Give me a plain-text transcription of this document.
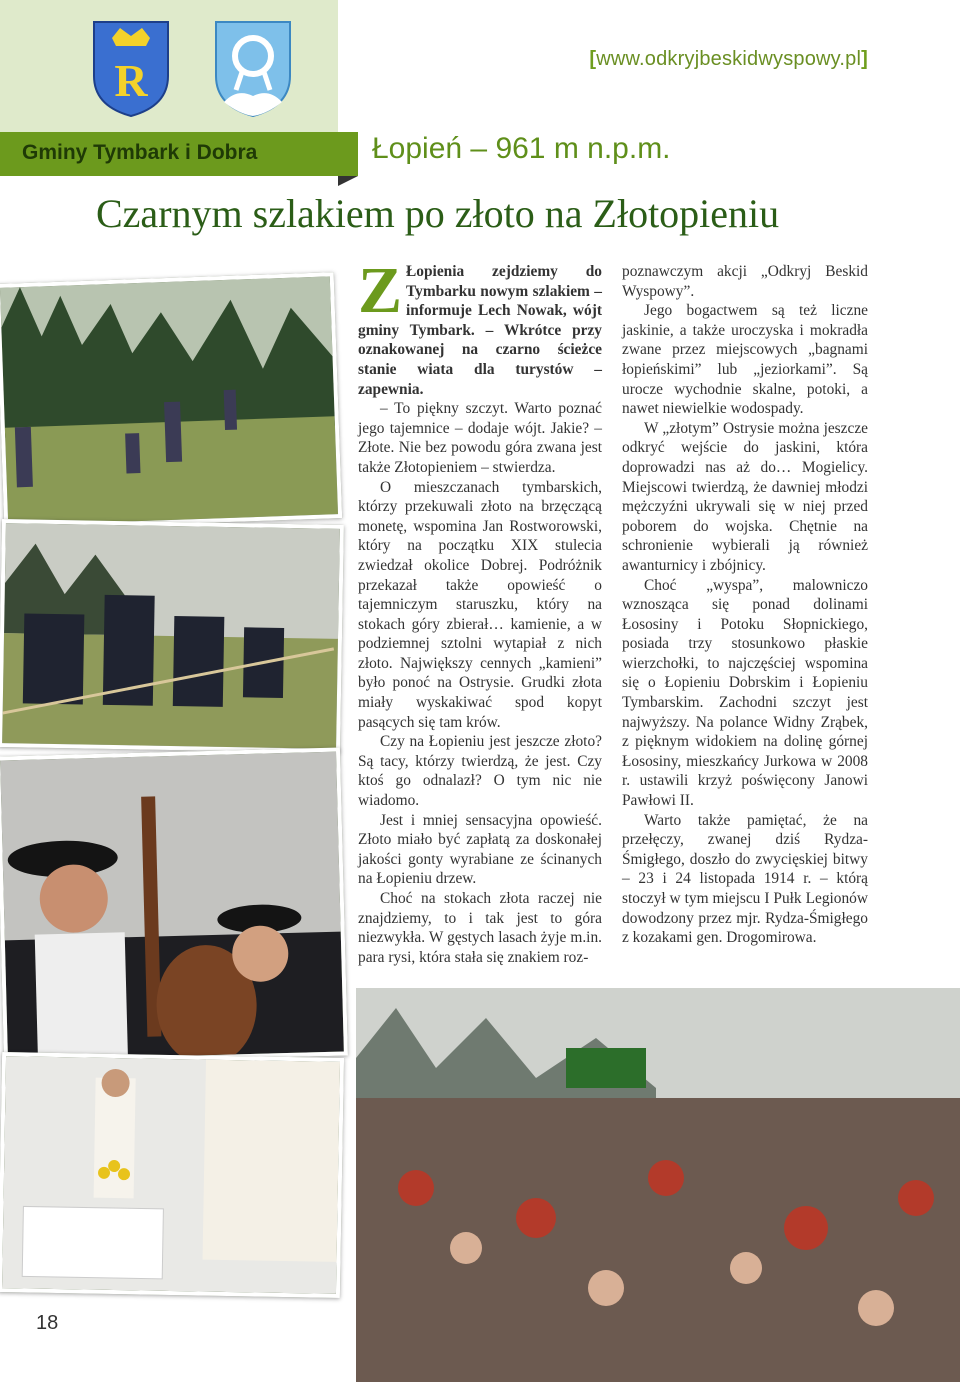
R	[www.odkryjbeskidwyspowy.pl]
Gminy Tymbark i Dobra	Łopień – 961 m n.p.m.
Czarnym szlakiem po złoto na Złotopieniu

Z Łopienia zejdziemy do Tymbarku nowym szlakiem – informuje Lech Nowak, wójt gminy Tymbark. – Wkrótce przy oznakowanej na czarno ścieżce stanie wiata dla turystów – zapewnia.

– To piękny szczyt. Warto poznać jego tajemnice – dodaje wójt. Jakie? – Złote. Nie bez powodu góra zwana jest także Złotopieniem – stwierdza.

O mieszczanach tymbarskich, którzy przekuwali złoto na brzęczącą monetę, wspomina Jan Rostworowski, który na początku XIX stulecia zwiedzał okolice Dobrej. Podróżnik przekazał także opowieść o tajemniczym staruszku, który na stokach góry zbierał… kamienie, a w podziemnej sztolni wytapiał z nich złoto. Największy cennych „kamieni” było ponoć na Ostrysie. Grudki złota miały wyskakiwać spod kopyt pasących się tam krów.

Czy na Łopieniu jest jeszcze złoto? Są tacy, którzy twierdzą, że jest. Czy ktoś go odnalazł? O tym nic nie wiadomo.

Jest i mniej sensacyjna opowieść. Złoto miało być zapłatą za doskonałej jakości gonty wyrabiane ze ścinanych na Łopieniu drzew.

Choć na stokach złota raczej nie znajdziemy, to i tak jest to góra niezwykła. W gęstych lasach żyje m.in. para rysi, która stała się znakiem roz-

poznawczym akcji „Odkryj Beskid Wyspowy”.

Jego bogactwem są też liczne jaskinie, a także uroczyska i mokradła zwane przez miejscowych „bagnami łopieńskimi” lub „jeziorkami”. Są urocze wychodnie skalne, potoki, a nawet niewielkie wodospady.

W „złotym” Ostrysie można jeszcze odkryć wejście do jaskini, która doprowadzi nas aż do… Mogielicy. Miejscowi twierdzą, że dawniej młodzi mężczyźni ukrywali się w niej przed poborem do wojska. Chętnie na schronienie wybierali ją również awanturnicy i zbójnicy.

Choć „wyspa”, malowniczo wznosząca się ponad dolinami Łososiny i Potoku Słopnickiego, posiada trzy stosunkowo płaskie wierzchołki, to najczęściej wspomina się o Łopieniu Dobrskim i Łopieniu Tymbarskim. Zachodni szczyt jest najwyższy. Na polance Widny Zrąbek, z pięknym widokiem na dolinę górnej Łososiny, mieszkańcy Jurkowa w 2008 r. ustawili krzyż poświęcony Janowi Pawłowi II.

Warto także pamiętać, że na przełęczy, zwanej dziś Rydza-Śmigłego, doszło do zwycięskiej bitwy – 23 i 24 listopada 1914 r. – którą stoczył w tym miejscu I Pułk Legionów dowodzony przez mjr. Rydza-Śmigłego z kozakami gen. Drogomirowa.

18
